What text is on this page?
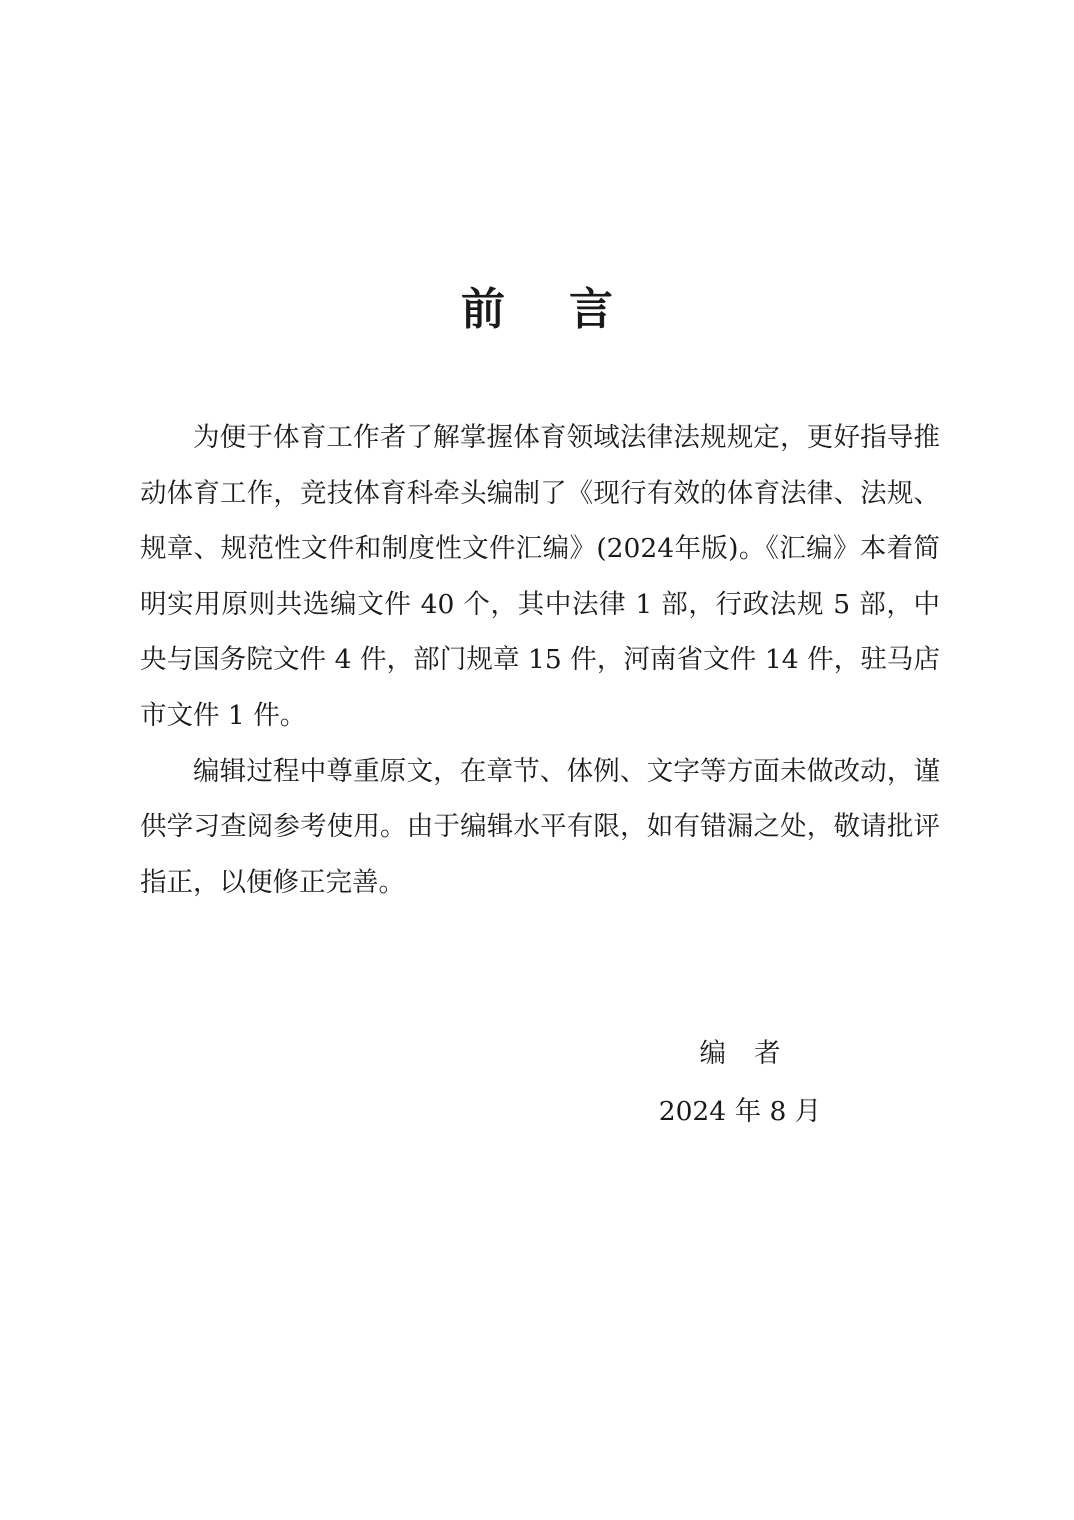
前言

为便于体育工作者了解掌握体育领域法律法规规定，更好指导推动体育工作，竞技体育科牵头编制了《现行有效的体育法律、法规、规章、规范性文件和制度性文件汇编》(2024年版)。《汇编》本着简明实用原则共选编文件 40 个，其中法律 1 部，行政法规 5 部，中央与国务院文件 4 件，部门规章 15 件，河南省文件 14 件，驻马店市文件 1 件。

编辑过程中尊重原文，在章节、体例、文字等方面未做改动，谨供学习查阅参考使用。由于编辑水平有限，如有错漏之处，敬请批评指正，以便修正完善。

编者

2024 年 8 月
